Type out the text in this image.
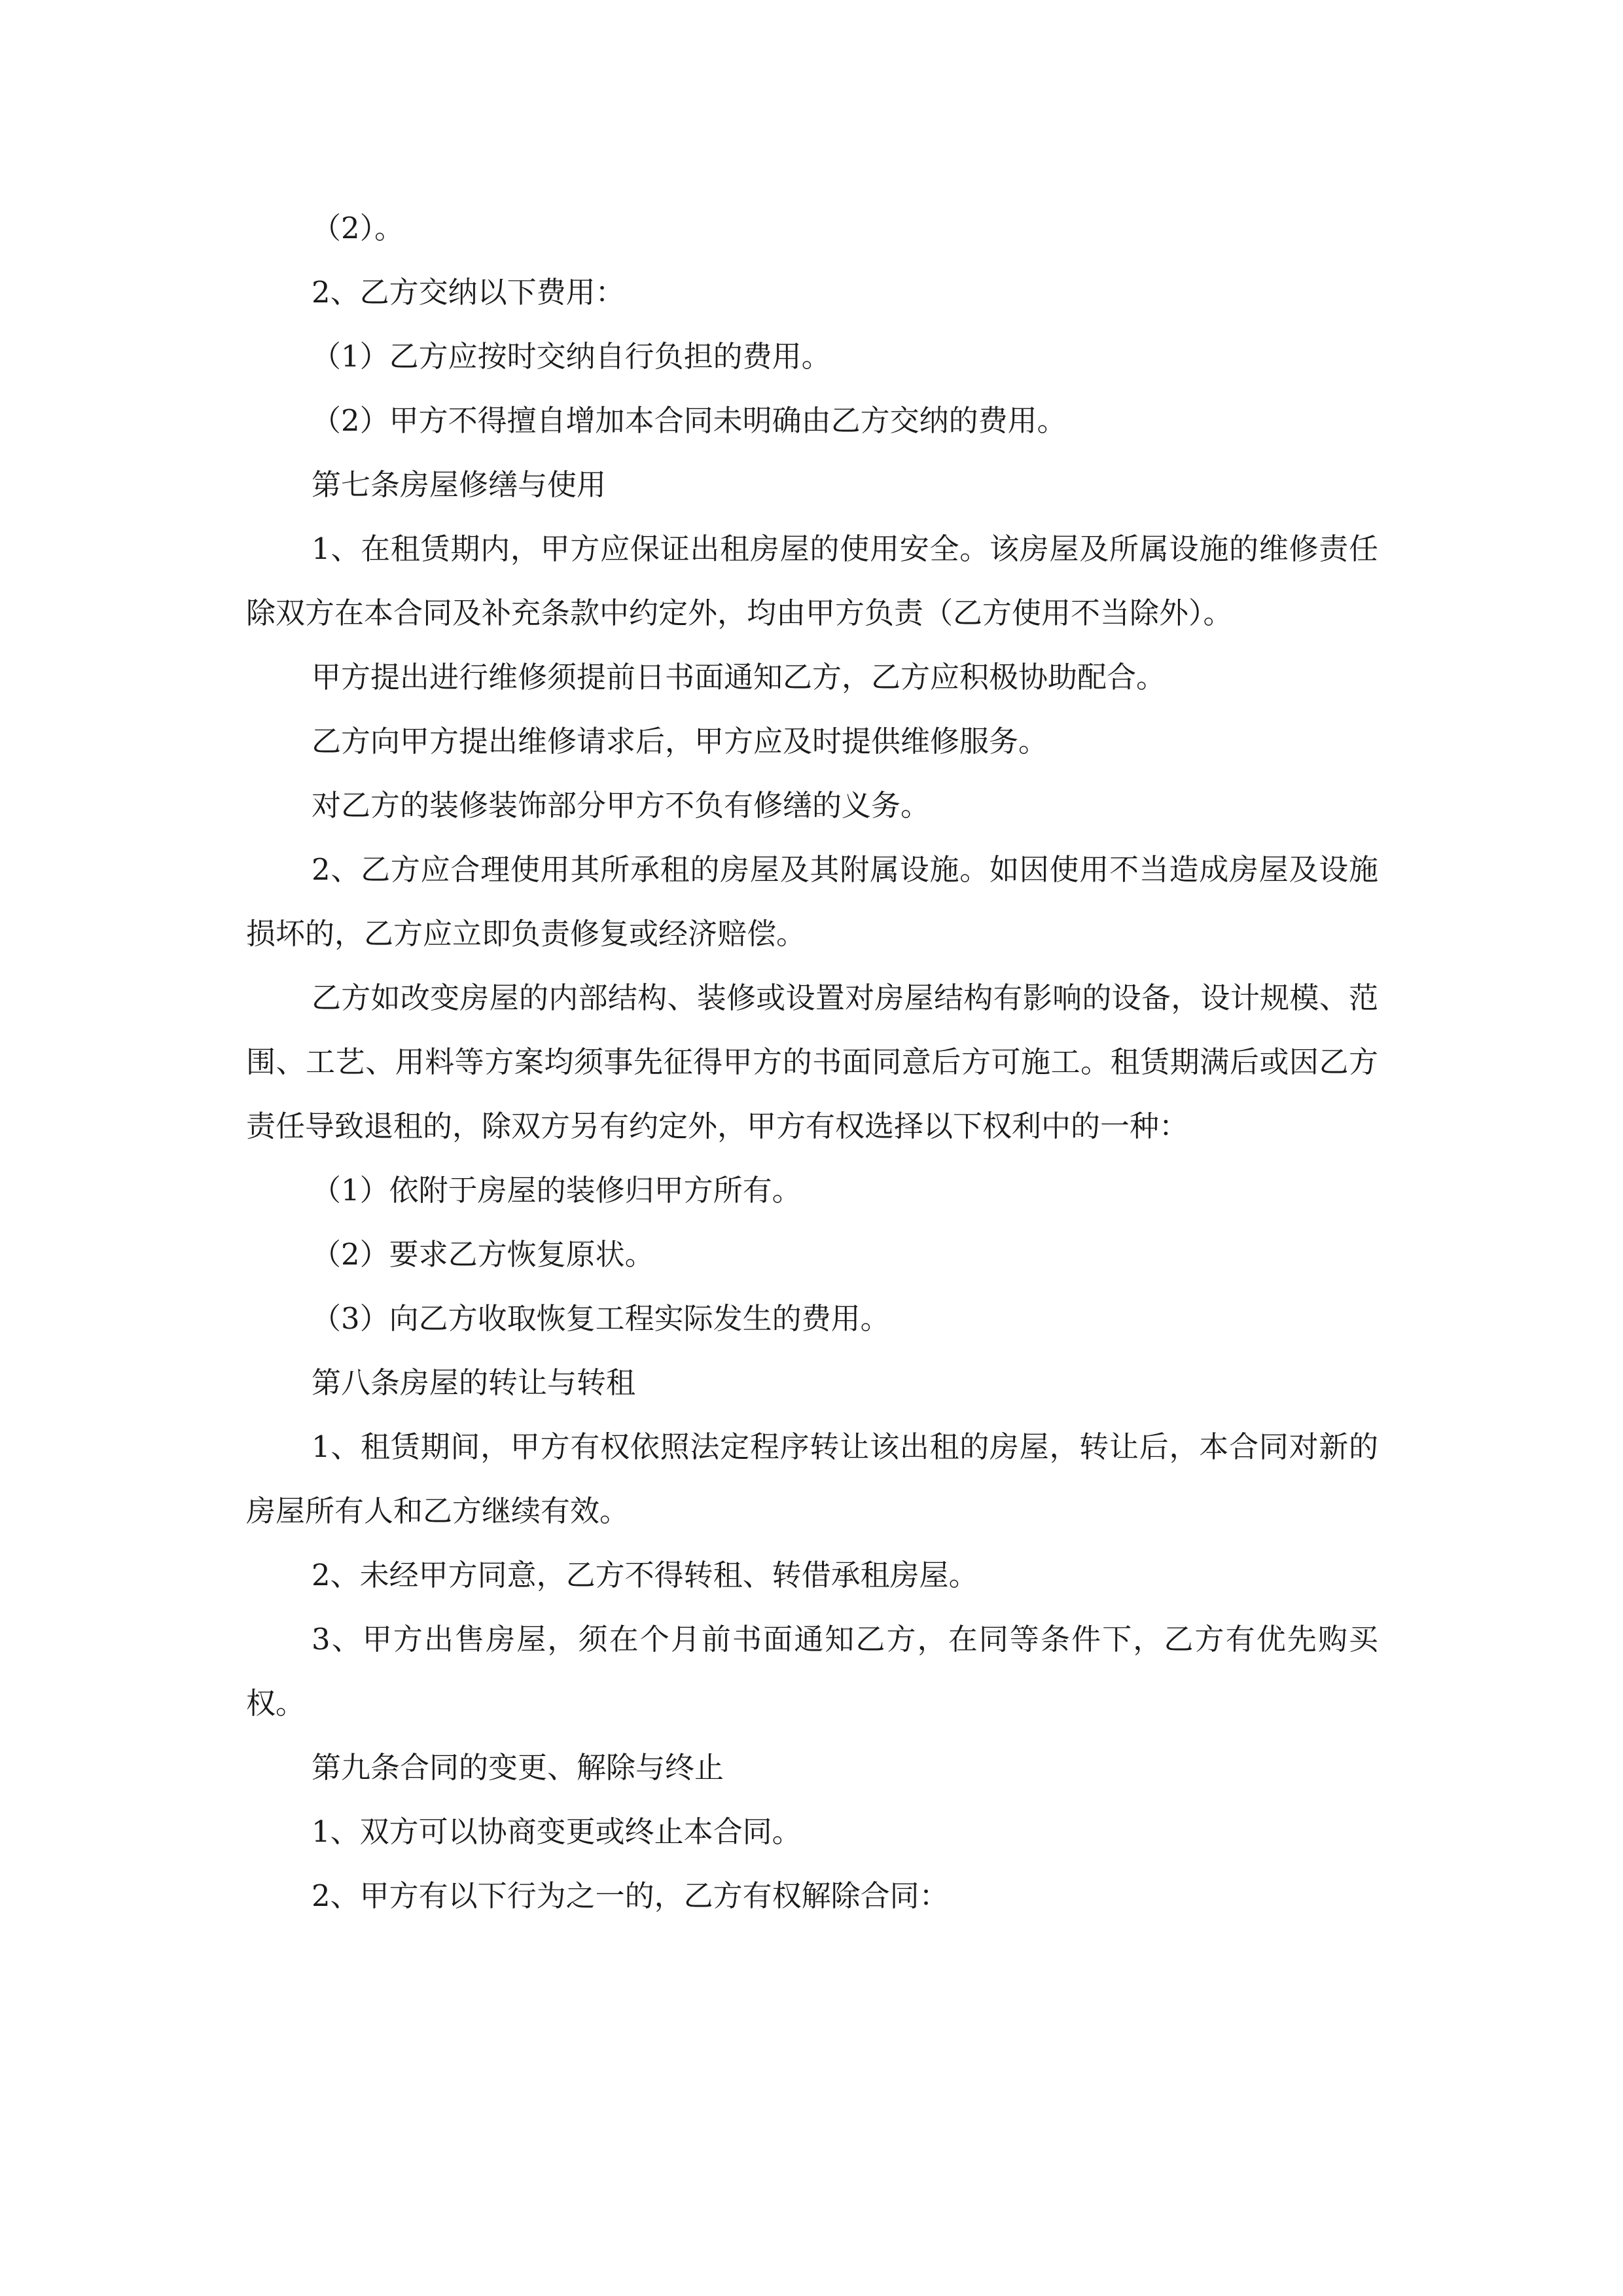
（2）。

2、乙方交纳以下费用：

（1）乙方应按时交纳自行负担的费用。

（2）甲方不得擅自增加本合同未明确由乙方交纳的费用。

第七条房屋修缮与使用

1、在租赁期内，甲方应保证出租房屋的使用安全。该房屋及所属设施的维修责任除双方在本合同及补充条款中约定外，均由甲方负责（乙方使用不当除外）。

甲方提出进行维修须提前日书面通知乙方，乙方应积极协助配合。

乙方向甲方提出维修请求后，甲方应及时提供维修服务。

对乙方的装修装饰部分甲方不负有修缮的义务。

2、乙方应合理使用其所承租的房屋及其附属设施。如因使用不当造成房屋及设施损坏的，乙方应立即负责修复或经济赔偿。

乙方如改变房屋的内部结构、装修或设置对房屋结构有影响的设备，设计规模、范围、工艺、用料等方案均须事先征得甲方的书面同意后方可施工。租赁期满后或因乙方责任导致退租的，除双方另有约定外，甲方有权选择以下权利中的一种：

（1）依附于房屋的装修归甲方所有。

（2）要求乙方恢复原状。

（3）向乙方收取恢复工程实际发生的费用。

第八条房屋的转让与转租

1、租赁期间，甲方有权依照法定程序转让该出租的房屋，转让后，本合同对新的房屋所有人和乙方继续有效。

2、未经甲方同意，乙方不得转租、转借承租房屋。

3、甲方出售房屋，须在个月前书面通知乙方，在同等条件下，乙方有优先购买权。

第九条合同的变更、解除与终止

1、双方可以协商变更或终止本合同。

2、甲方有以下行为之一的，乙方有权解除合同：
